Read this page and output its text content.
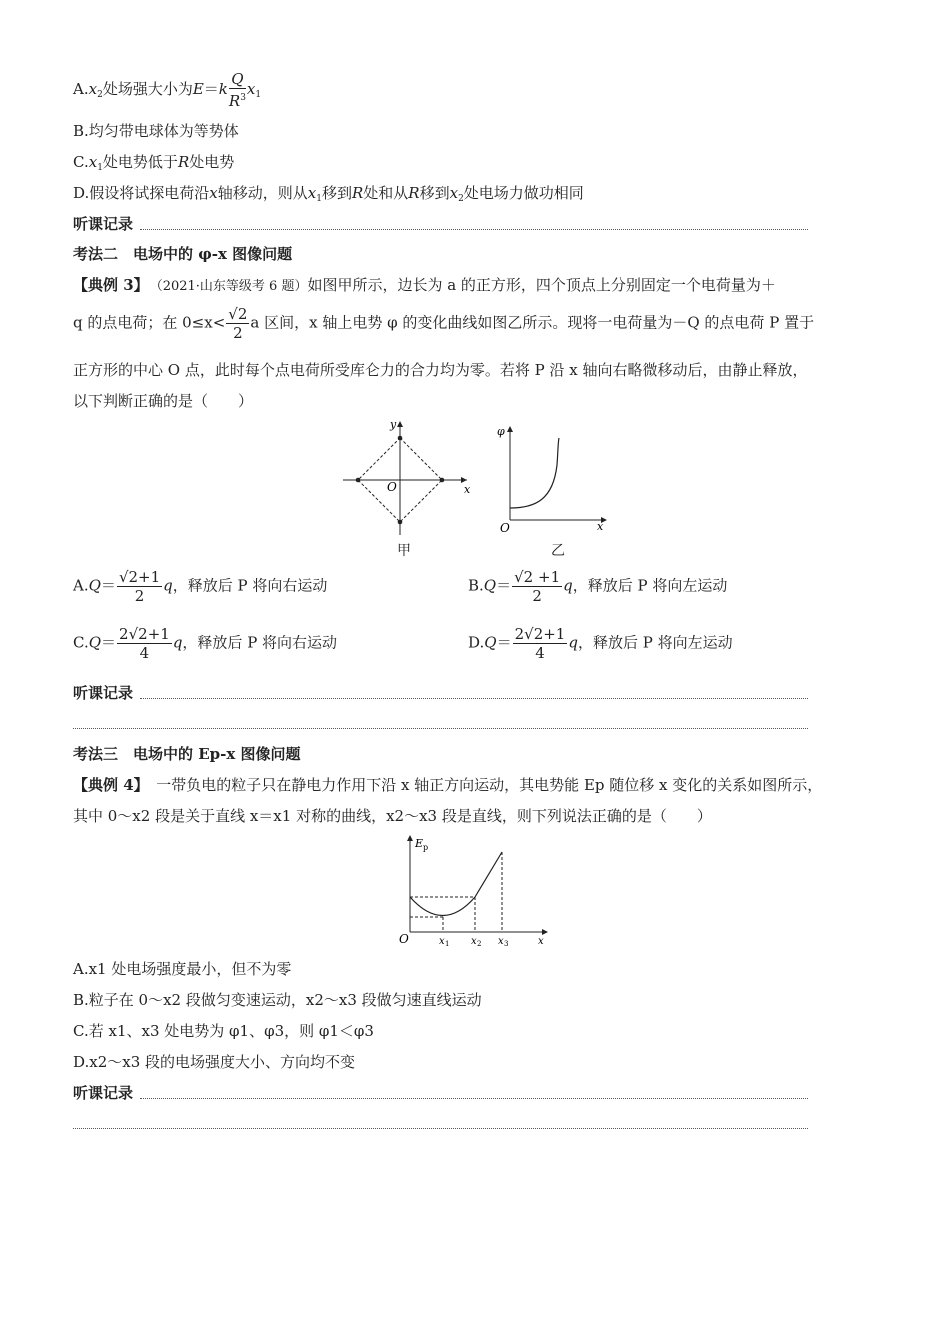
$A.x_2$处场强大小为$E=k \frac{Q}{R^3} x_1$
B.均匀带电球体为等势体
$C.x_1$处电势低于R处电势
D.假设将试探电荷沿x轴移动，则从$x_1$移到R处和从R移到$x_2$处电场力做功相同
听课记录
考法二　电场中的 φ-x 图像问题
【典例 3】　 （2021·山东等级考 6 题）如图甲所示，边长为 a 的正方形，四个顶点上分别固定一个电荷量为＋
q 的点电荷；在 $0\le x< \frac{√2}{2}$ a 区间，x 轴上电势 φ 的变化曲线如图乙所示。现将一电荷量为－Q 的点电荷 P 置于
正方形的中心 O 点，此时每个点电荷所受库仑力的合力均为零。若将 P 沿 x 轴向右略微移动后，由静止释放，
以下判断正确的是（　　）
O	x
y
甲
φ
O	x
乙
$A.Q= \frac{√2+1}{2}$ q，释放后 P 将向右运动	$B.Q= \frac{√2 +1}{2}$ q，释放后 P 将向左运动
$C.Q= \frac{2√2+1}{4}$ q，释放后 P 将向右运动	$D.Q= \frac{2√2+1}{4}$ q，释放后 P 将向左运动
听课记录
考法三　电场中的 Ep-x 图像问题
【典例 4】　 一带负电的粒子只在静电力作用下沿 x 轴正方向运动，其电势能 Ep 随位移 x 变化的关系如图所示，
其中 0～x2 段是关于直线 x＝x1 对称的曲线，x2～x3 段是直线，则下列说法正确的是（　　）
E p
O	x 1 x 2 x 3	x
A.x1 处电场强度最小，但不为零
B.粒子在 0～x2 段做匀变速运动，x2～x3 段做匀速直线运动
C.若 x1、x3 处电势为 φ1、φ3，则 φ1＜φ3
D.x2～x3 段的电场强度大小、方向均不变
听课记录
